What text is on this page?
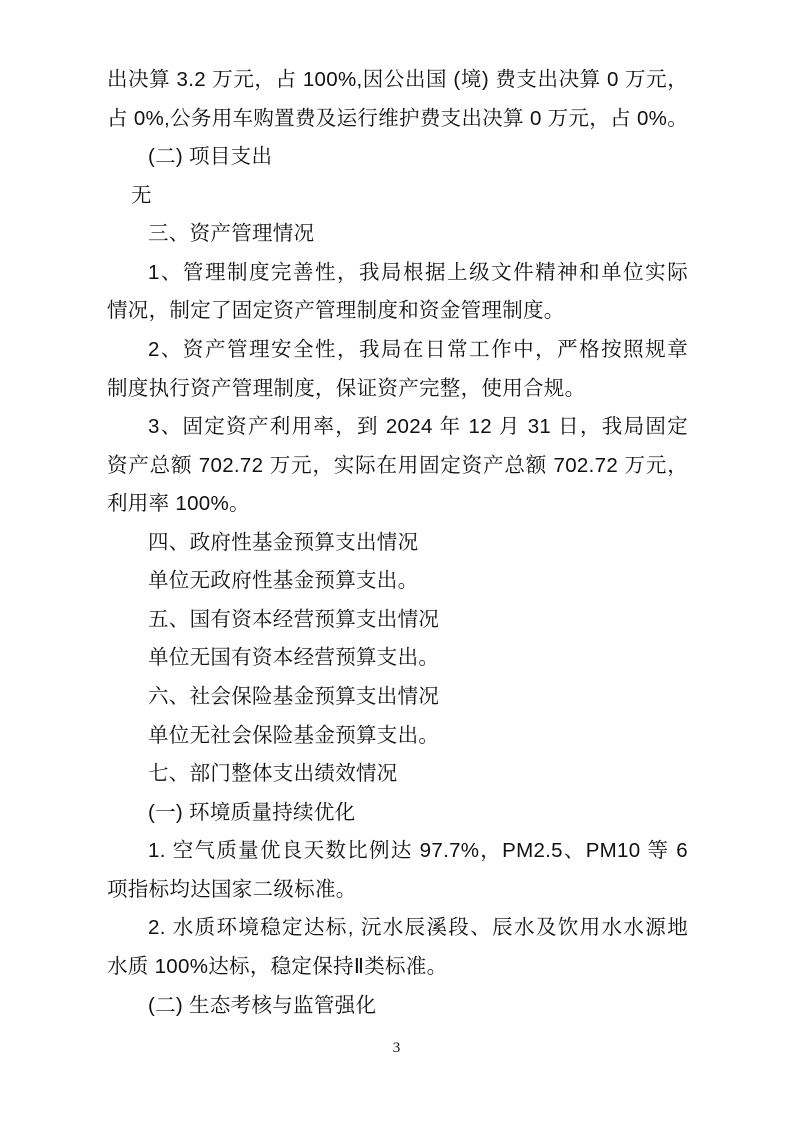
出决算 3.2 万元，占 100%,因公出国 (境) 费支出决算 0 万元，
占 0%,公务用车购置费及运行维护费支出决算 0 万元，占 0%。
(二) 项目支出
无
三、资产管理情况
1、管理制度完善性，我局根据上级文件精神和单位实际
情况，制定了固定资产管理制度和资金管理制度。
2、资产管理安全性，我局在日常工作中，严格按照规章
制度执行资产管理制度，保证资产完整，使用合规。
3、固定资产利用率，到 2024 年 12 月 31 日，我局固定
资产总额 702.72 万元，实际在用固定资产总额 702.72 万元，
利用率 100%。
四、政府性基金预算支出情况
单位无政府性基金预算支出。
五、国有资本经营预算支出情况
单位无国有资本经营预算支出。
六、社会保险基金预算支出情况
单位无社会保险基金预算支出。
七、部门整体支出绩效情况
(一) 环境质量持续优化
1. 空气质量优良天数比例达 97.7%，PM2.5、PM10 等 6
项指标均达国家二级标准。
2. 水质环境稳定达标, 沅水辰溪段、辰水及饮用水水源地
水质 100%达标，稳定保持Ⅱ类标准。
(二) 生态考核与监管强化
3
